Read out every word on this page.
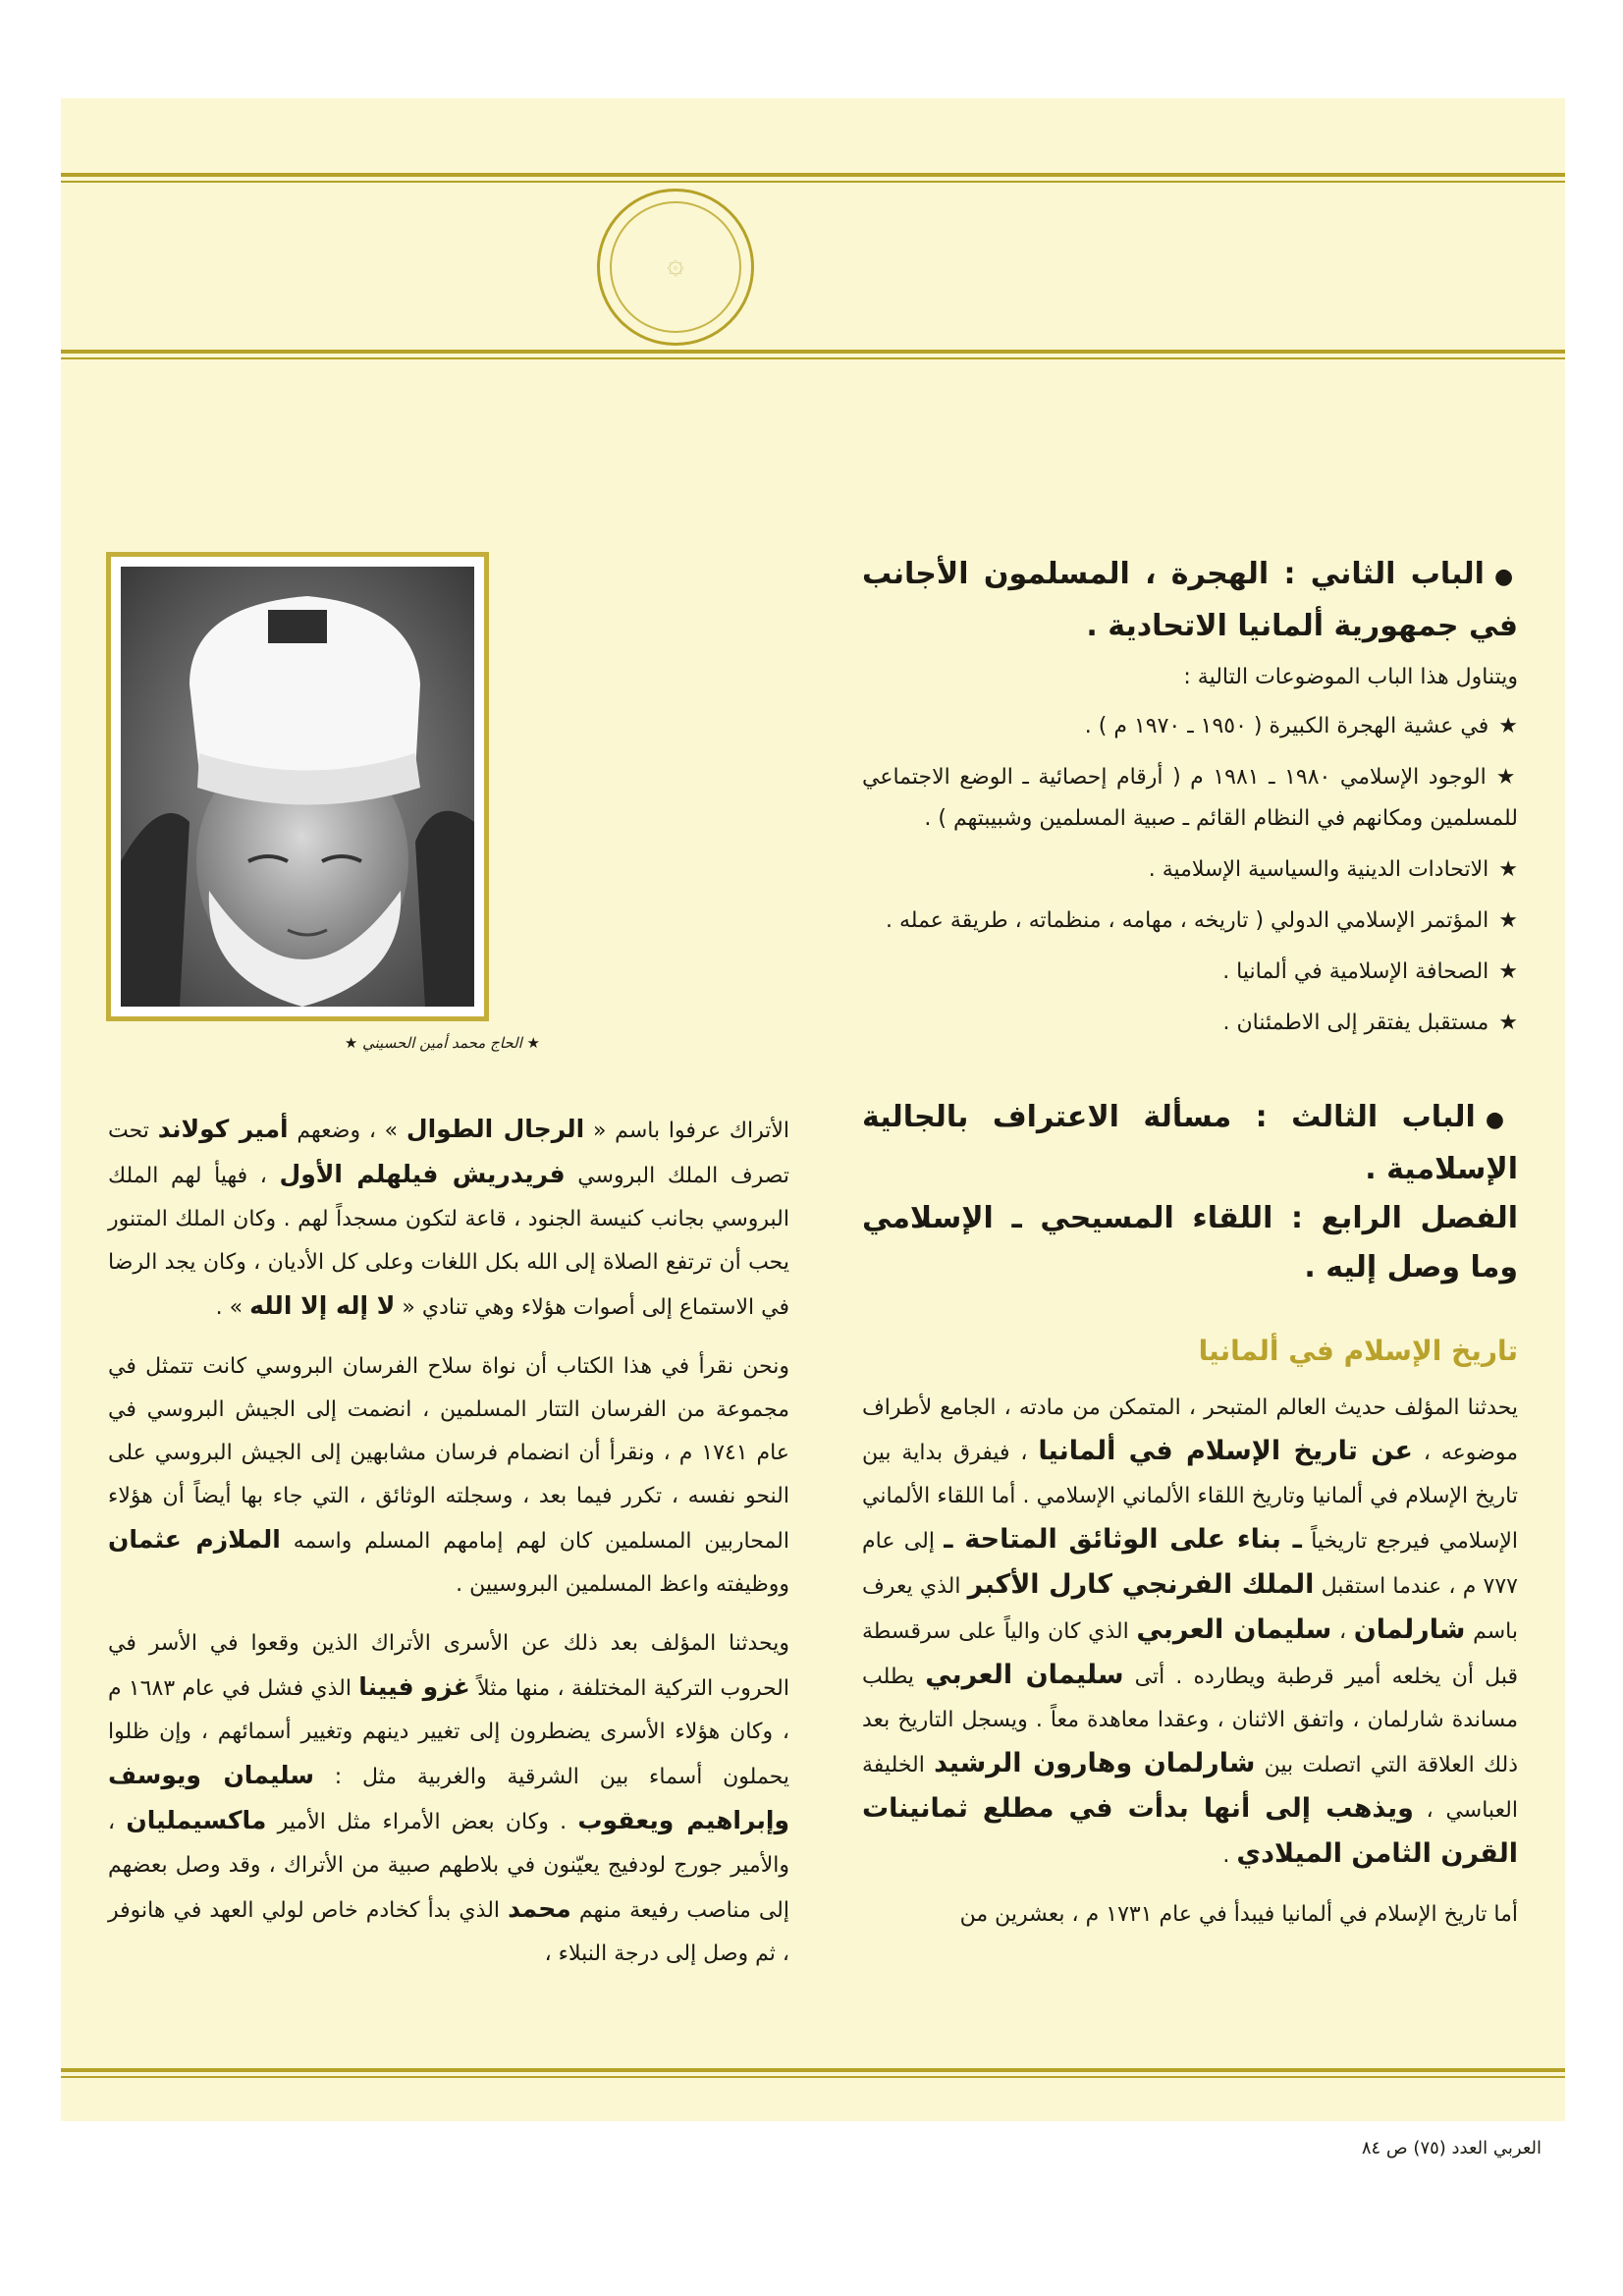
۞

●الباب الثاني : الهجرة ، المسلمون الأجانب في جمهورية ألمانيا الاتحادية .

ويتناول هذا الباب الموضوعات التالية :

★في عشية الهجرة الكبيرة ( ١٩٥٠ ـ ١٩٧٠ م ) .

★الوجود الإسلامي ١٩٨٠ ـ ١٩٨١ م ( أرقام إحصائية ـ الوضع الاجتماعي للمسلمين ومكانهم في النظام القائم ـ صبية المسلمين وشبيبتهم ) .

★الاتحادات الدينية والسياسية الإسلامية .

★المؤتمر الإسلامي الدولي ( تاريخه ، مهامه ، منظماته ، طريقة عمله .

★الصحافة الإسلامية في ألمانيا .

★مستقبل يفتقر إلى الاطمئنان .

●الباب الثالث : مسألة الاعتراف بالجالية الإسلامية .

الفصل الرابع : اللقاء المسيحي ـ الإسلامي وما وصل إليه .

تاريخ الإسلام في ألمانيا

يحدثنا المؤلف حديث العالم المتبحر ، المتمكن من مادته ، الجامع لأطراف موضوعه ، عن تاريخ الإسلام في ألمانيا ، فيفرق بداية بين تاريخ الإسلام في ألمانيا وتاريخ اللقاء الألماني الإسلامي . أما اللقاء الألماني الإسلامي فيرجع تاريخياً ـ بناء على الوثائق المتاحة ـ إلى عام ٧٧٧ م ، عندما استقبل الملك الفرنجي كارل الأكبر الذي يعرف باسم شارلمان ، سليمان العربي الذي كان والياً على سرقسطة قبل أن يخلعه أمير قرطبة ويطارده . أتى سليمان العربي يطلب مساندة شارلمان ، واتفق الاثنان ، وعقدا معاهدة معاً . ويسجل التاريخ بعد ذلك العلاقة التي اتصلت بين شارلمان وهارون الرشيد الخليفة العباسي ، ويذهب إلى أنها بدأت في مطلع ثمانينات القرن الثامن الميلادي .

أما تاريخ الإسلام في ألمانيا فيبدأ في عام ١٧٣١ م ، بعشرين من

★ الحاج محمد أمين الحسيني ★

الأتراك عرفوا باسم « الرجال الطوال » ، وضعهم أمير كولاند تحت تصرف الملك البروسي فريدريش فيلهلم الأول ، فهيأ لهم الملك البروسي بجانب كنيسة الجنود ، قاعة لتكون مسجداً لهم . وكان الملك المتنور يحب أن ترتفع الصلاة إلى الله بكل اللغات وعلى كل الأديان ، وكان يجد الرضا في الاستماع إلى أصوات هؤلاء وهي تنادي « لا إله إلا الله » .

ونحن نقرأ في هذا الكتاب أن نواة سلاح الفرسان البروسي كانت تتمثل في مجموعة من الفرسان التتار المسلمين ، انضمت إلى الجيش البروسي في عام ١٧٤١ م ، ونقرأ أن انضمام فرسان مشابهين إلى الجيش البروسي على النحو نفسه ، تكرر فيما بعد ، وسجلته الوثائق ، التي جاء بها أيضاً أن هؤلاء المحاربين المسلمين كان لهم إمامهم المسلم واسمه الملازم عثمان ووظيفته واعظ المسلمين البروسيين .

ويحدثنا المؤلف بعد ذلك عن الأسرى الأتراك الذين وقعوا في الأسر في الحروب التركية المختلفة ، منها مثلاً غزو فيينا الذي فشل في عام ١٦٨٣ م ، وكان هؤلاء الأسرى يضطرون إلى تغيير دينهم وتغيير أسمائهم ، وإن ظلوا يحملون أسماء بين الشرقية والغربية مثل : سليمان ويوسف وإبراهيم ويعقوب . وكان بعض الأمراء مثل الأمير ماكسيمليان ، والأمير جورج لودفيج يعيّنون في بلاطهم صبية من الأتراك ، وقد وصل بعضهم إلى مناصب رفيعة منهم محمد الذي بدأ كخادم خاص لولي العهد في هانوفر ، ثم وصل إلى درجة النبلاء ،

العربي العدد (٧٥) ص ٨٤
